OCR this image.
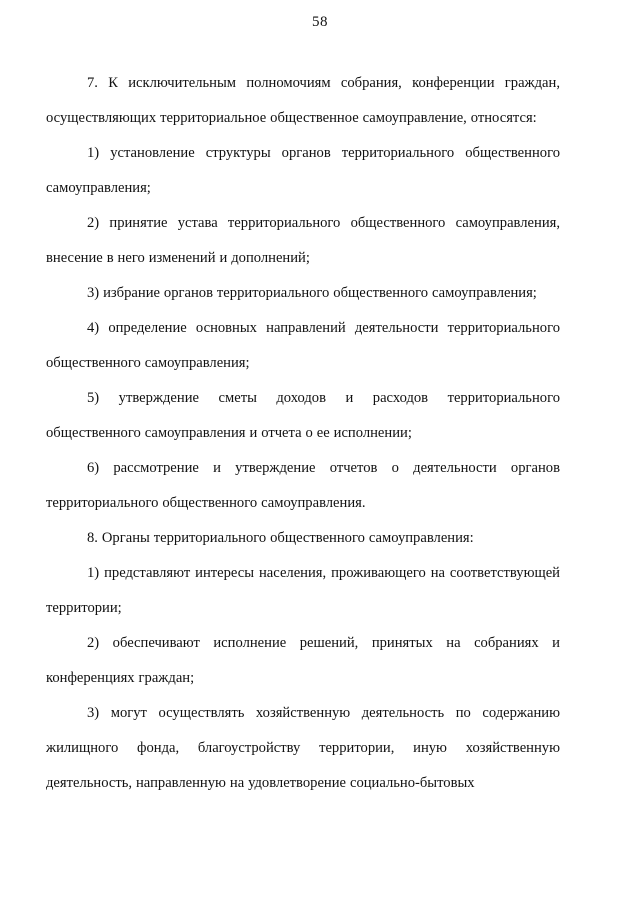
58

7. К исключительным полномочиям собрания, конференции граждан, осуществляющих территориальное общественное самоуправление, относятся:

1) установление структуры органов территориального общественного самоуправления;

2) принятие устава территориального общественного самоуправления, внесение в него изменений и дополнений;

3) избрание органов территориального общественного самоуправления;

4) определение основных направлений деятельности территориального общественного самоуправления;

5) утверждение сметы доходов и расходов территориального общественного самоуправления и отчета о ее исполнении;

6) рассмотрение и утверждение отчетов о деятельности органов территориального общественного самоуправления.

8. Органы территориального общественного самоуправления:

1) представляют интересы населения, проживающего на соответствующей территории;

2) обеспечивают исполнение решений, принятых на собраниях и конференциях граждан;

3) могут осуществлять хозяйственную деятельность по содержанию жилищного фонда, благоустройству территории, иную хозяйственную деятельность, направленную на удовлетворение социально-бытовых
